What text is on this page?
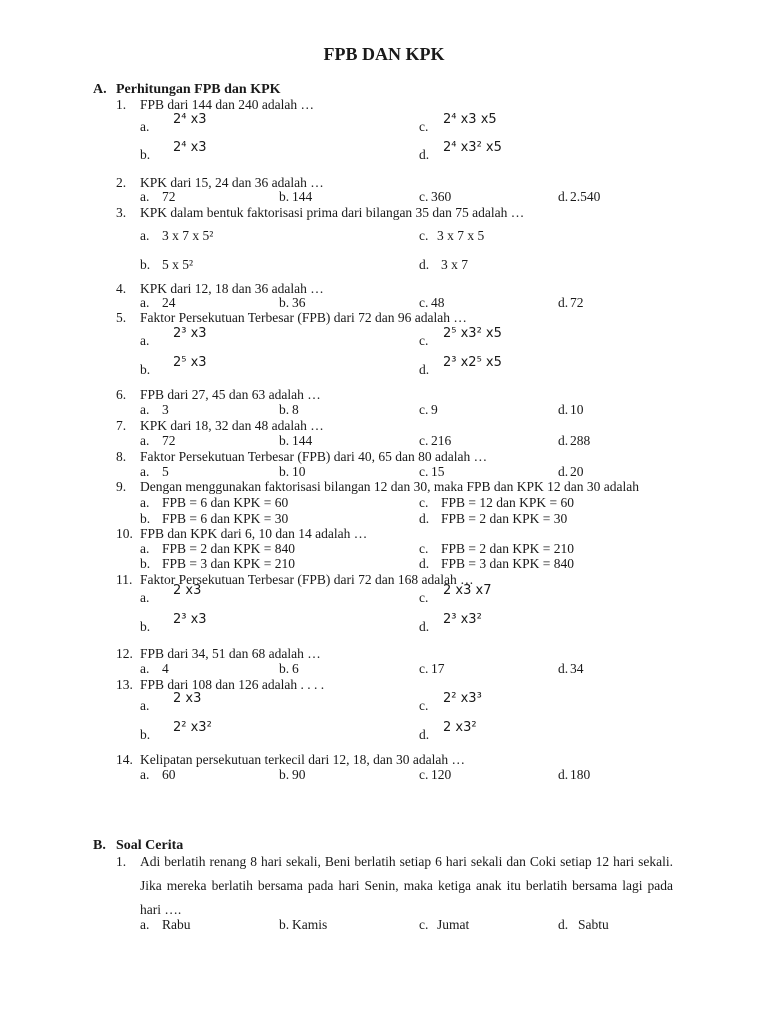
FPB DAN KPK
A. Perhitungan FPB dan KPK
B. Soal Cerita
1. Adi berlatih renang 8 hari sekali, Beni berlatih setiap 6 hari sekali dan Coki setiap 12 hari sekali. Jika mereka berlatih bersama pada hari Senin, maka ketiga anak itu berlatih bersama lagi pada hari ….
1. FPB dari 144 dan 240 adalah …
a. 2⁴ x3
b. 2⁴ x3
c. 2⁴ x3 x5
d. 2⁴ x3² x5
2. KPK dari 15, 24 dan 36 adalah …
a. 72	b. 144	c. 360	d. 2.540
3. KPK dalam bentuk faktorisasi prima dari bilangan 35 dan 75 adalah …
a. 3 x 7 x 5²
b. 5 x 5²
c. 3 x 7 x 5
d. 3 x 7
4. KPK dari 12, 18 dan 36 adalah …
a. 24	b. 36	c. 48	d. 72
5. Faktor Persekutuan Terbesar (FPB) dari 72 dan 96 adalah …
a. 2³ x3
b. 2⁵ x3
c. 2⁵ x3² x5
d. 2³ x2⁵ x5
6. FPB dari 27, 45 dan 63 adalah …
a. 3	b. 8	c. 9	d. 10
7. KPK dari 18, 32 dan 48 adalah …
a. 72	b. 144	c. 216	d. 288
8. Faktor Persekutuan Terbesar (FPB) dari 40, 65 dan 80 adalah …
a. 5	b. 10	c. 15	d. 20
9. Dengan menggunakan faktorisasi bilangan 12 dan 30, maka FPB dan KPK 12 dan 30 adalah
a. FPB = 6 dan KPK = 60
b. FPB = 6 dan KPK = 30
c. FPB = 12 dan KPK = 60
d. FPB = 2 dan KPK = 30
10. FPB dan KPK dari 6, 10 dan 14 adalah …
a. FPB = 2 dan KPK = 840
b. FPB = 3 dan KPK = 210
c. FPB = 2 dan KPK = 210
d. FPB = 3 dan KPK = 840
11. Faktor Persekutuan Terbesar (FPB) dari 72 dan 168 adalah …
a. 2 x3
b. 2³ x3
c. 2 x3 x7
d. 2³ x3²
12. FPB dari 34, 51 dan 68 adalah …
a. 4	b. 6	c. 17	d. 34
13. FPB dari 108 dan 126 adalah . . . .
a. 2 x3
b. 2² x3²
c. 2² x3³
d. 2 x3²
14. Kelipatan persekutuan terkecil dari 12, 18, dan 30 adalah …
a. 60	b. 90	c. 120	d. 180
a. Rabu	b. Kamis	c. Jumat	d. Sabtu
